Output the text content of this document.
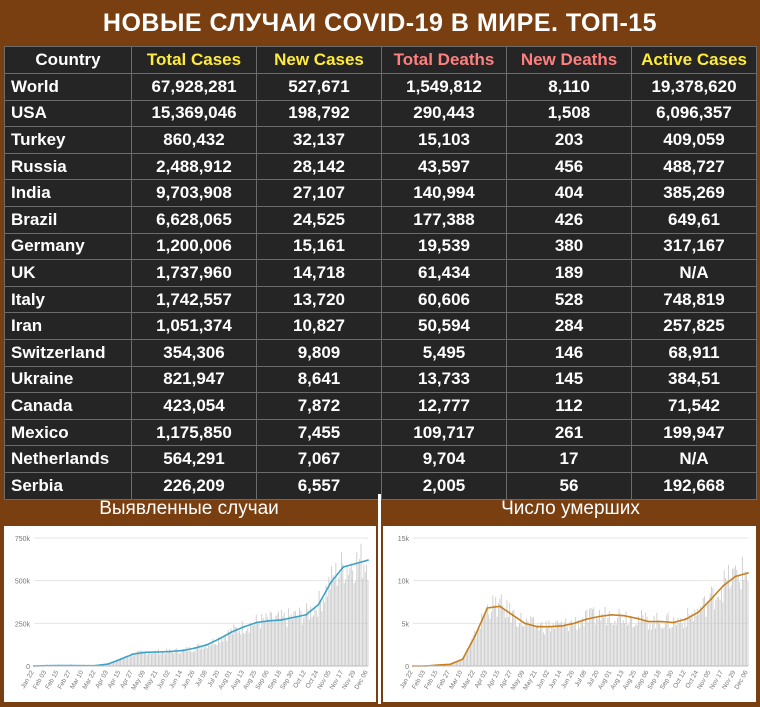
НОВЫЕ СЛУЧАИ COVID-19 В МИРЕ. ТОП-15
Country	Total Cases	New Cases	Total Deaths	New Deaths	Active Cases
World	67,928,281	527,671	1,549,812	8,110	19,378,620
USA	15,369,046	198,792	290,443	1,508	6,096,357
Turkey	860,432	32,137	15,103	203	409,059
Russia	2,488,912	28,142	43,597	456	488,727
India	9,703,908	27,107	140,994	404	385,269
Brazil	6,628,065	24,525	177,388	426	649,61
Germany	1,200,006	15,161	19,539	380	317,167
UK	1,737,960	14,718	61,434	189	N/A
Italy	1,742,557	13,720	60,606	528	748,819
Iran	1,051,374	10,827	50,594	284	257,825
Switzerland	354,306	9,809	5,495	146	68,911
Ukraine	821,947	8,641	13,733	145	384,51
Canada	423,054	7,872	12,777	112	71,542
Mexico	1,175,850	7,455	109,717	261	199,947
Netherlands	564,291	7,067	9,704	17	N/A
Serbia	226,209	6,557	2,005	56	192,668
Выявленные случаи	Число умерших
0
250k
500k
750k
Jan 22
Feb 03
Feb 15
Feb 27
Mar 10
Mar 22
Apr 03
Apr 15
Apr 27
May 09
May 21
Jun 02
Jun 14
Jun 26
Jul 08
Jul 20
Aug 01
Aug 13
Aug 25
Sep 06
Sep 18
Sep 30
Oct 12
Oct 24
Nov 05
Nov 17
Nov 29
Dec 06
0
5k
10k
15k
Jan 22
Feb 03
Feb 15
Feb 27
Mar 10
Mar 22
Apr 03
Apr 15
Apr 27
May 09
May 21
Jun 02
Jun 14
Jun 26
Jul 08
Jul 20
Aug 01
Aug 13
Aug 25
Sep 06
Sep 18
Sep 30
Oct 12
Oct 24
Nov 05
Nov 17
Nov 29
Dec 06
